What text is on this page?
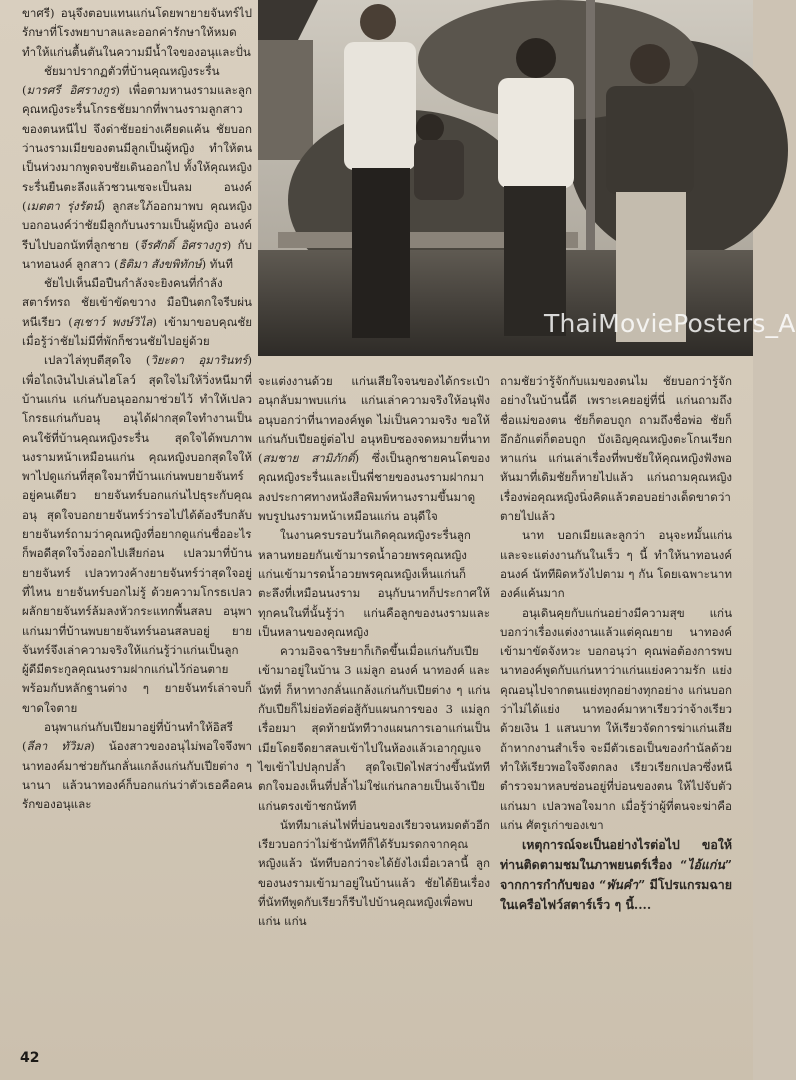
ขาศรี) อนุจึงตอบแทนแก่นโดยพายายจันทร์ไปรักษาที่โรงพยาบาลและออกค่ารักษาให้หมด ทำให้แก่นตื้นตันในความมีน้ำใจของอนุและปั่น

ชัยมาปรากฏตัวที่บ้านคุณหญิงระรื่น (มารศรี อิศรางกูร) เพื่อตามหานงรามและลูก คุณหญิงระรื่นโกรธชัยมากที่พานงรามลูกสาวของตนหนีไป จึงด่าชัยอย่างเคียดแค้น ชัยบอกว่านงรามเมียของตนมีลูกเป็นผู้หญิง ทำให้ตนเป็นห่วงมากพูดจบชัยเดินออกไป ทั้งให้คุณหญิงระรื่นยืนตะลึงแล้วชวนเซจะเป็นลม อนงค์ (เมตตา รุ่งรัตน์) ลูกสะใภ้ออกมาพบ คุณหญิงบอกอนงค์ว่าชัยมีลูกกับนงรามเป็นผู้หญิง อนงค์รีบไปบอกนัทที่ลูกชาย (จีรศักดิ์ อิศรางกูร) กับนาทอนงค์ ลูกสาว (ธิติมา สังขพิทักษ์) ทันที

ชัยไปเห็นมือปืนกำลังจะยิงคนที่กำลังสตาร์ทรถ ชัยเข้าขัดขวาง มือปืนตกใจรีบผ่นหนีเรียว (สุเชาว์ พงษ์วิไล) เข้ามาขอบคุณชัย เมื่อรู้ว่าชัยไม่มีที่พักก็ชวนชัยไปอยู่ด้วย

เปลวไล่ทุบตีสุดใจ (วิยะดา อุมารินทร์) เพื่อไถเงินไปเล่นไฮโลว์ สุดใจไม่ให้วิ่งหนีมาที่บ้านแก่น แก่นกับอนุออกมาช่วยไว้ ทำให้เปลวโกรธแก่นกับอนุ อนุได้ฝากสุดใจทำงานเป็นคนใช้ที่บ้านคุณหญิงระรื่น สุดใจได้พบภาพนงรามหน้าเหมือนแก่น คุณหญิงบอกสุดใจให้พาไปดูแก่นที่สุดใจมาที่บ้านแก่นพบยายจันทร์อยู่คนเดียว ยายจันทร์บอกแก่นไปธุระกับคุณอนุ สุดใจบอกยายจันทร์ว่ารอไปได้ต้องรีบกลับ ยายจันทร์ถามว่าคุณหญิงที่อยากดูแก่นชื่ออะไร ก็พอดีสุดใจวิ่งออกไปเสียก่อน เปลวมาที่บ้านยายจันทร์ เปลวทวงค้างยายจันทร์ว่าสุดใจอยู่ที่ไหน ยายจันทร์บอกไม่รู้ ด้วยความโกรธเปลวผลักยายจันทร์ล้มลงหัวกระแทกพื้นสลบ อนุพาแก่นมาที่บ้านพบยายจันทร์นอนสลบอยู่ ยายจันทร์จึงเล่าความจริงให้แก่นรู้ว่าแก่นเป็นลูกผู้ดีมีตระกูลคุณนงรามฝากแก่นไว้ก่อนตายพร้อมกับหลักฐานต่าง ๆ ยายจันทร์เล่าจบก็ขาดใจตาย

อนุพาแก่นกับเปียมาอยู่ที่บ้านทำให้อิสรี (ลีลา ทัวิมล) น้องสาวของอนุไม่พอใจจึงพานาทองค์มาช่วยกันกลั่นแกล้งแก่นกับเปียต่าง ๆ นานา แล้วนาทองค์ก็บอกแก่นว่าตัวเธอคือคนรักของอนุและ

ThaiMoviePosters_A

จะแต่งงานด้วย แก่นเสียใจจนของได้กระเป๋า อนุกลับมาพบแก่น แก่นเล่าความจริงให้อนุฟังอนุบอกว่าที่นาทองค์พูด ไม่เป็นความจริง ขอให้แก่นกับเปียอยู่ต่อไป อนุหยิบซองจดหมายที่นาท (สมชาย สามิภักดิ์) ซึ่งเป็นลูกชายคนโตของคุณหญิงระรื่นและเป็นพี่ชายของนงรามฝากมาลงประกาศทางหนังสือพิมพ์หานงรามขึ้นมาดู พบรูปนงรามหน้าเหมือนแก่น อนุดีใจ

ในงานครบรอบวันเกิดคุณหญิงระรื่นลูกหลานทยอยกันเข้ามารดน้ำอวยพรคุณหญิง แก่นเข้ามารดน้ำอวยพรคุณหญิงเห็นแก่นก็ตะลึงที่เหมือนนงราม อนุกับนาทก็ประกาศให้ทุกคนในที่นั้นรู้ว่า แก่นคือลูกของนงรามและเป็นหลานของคุณหญิง

ความอิจฉาริษยาก็เกิดขึ้นเมื่อแก่นกับเปียเข้ามาอยู่ในบ้าน 3 แม่ลูก อนงค์ นาทองค์ และนัทที่ ก็หาทางกลั่นแกล้งแก่นกับเปียต่าง ๆ แก่นกับเปียก็ไม่ย่อท้อต่อสู้กับแผนการของ 3 แม่ลูกเรื่อยมา สุดท้ายนัททีวางแผนการเอาแก่นเป็นเมียโดยจีดยาสลบเข้าไปในห้องแล้วเอากุญแจไขเข้าไปปลุกปล้ำ สุดใจเปิดไฟสว่างขึ้นนัททีตกใจมองเห็นที่ปล้ำไม่ใช่แก่นกลายเป็นเจ้าเปีย แก่นตรงเข้าชกนัทที

นัททีมาเล่นไฟที่บ่อนของเรียวจนหมดตัวอีก เรียวบอกว่าไม่ช้านัททีก็ได้รับมรดกจากคุณหญิงแล้ว นัททีบอกว่าจะได้ยังไงเมื่อเวลานี้ ลูกของนงรามเข้ามาอยู่ในบ้านแล้ว ชัยได้ยินเรื่องที่นัททีพูดกับเรียวก็รีบไปบ้านคุณหญิงเพื่อพบแก่น แก่น

ถามชัยว่ารู้จักกับแมของตนไม ชัยบอกว่ารู้จักอย่างในบ้านนี้ดี เพราะเคยอยู่ที่นี่ แก่นถามถึงชื่อแม่ของตน ชัยก็ตอบถูก ถามถึงชื่อพ่อ ชัยก็อึกอักแต่ก็ตอบถูก บังเอิญคุณหญิงตะโกนเรียกหาแก่น แก่นเล่าเรื่องที่พบชัยให้คุณหญิงฟังพอหันมาที่เดิมชัยก็หายไปแล้ว แก่นถามคุณหญิงเรื่องพ่อคุณหญิงนิ่งคิดแล้วตอบอย่างเด็ดขาดว่าตายไปแล้ว

นาท บอกเมียและลูกว่า อนุจะหมั้นแก่นและจะแต่งงานกันในเร็ว ๆ นี้ ทำให้นาทอนงค์ อนงค์ นัททีผิดหวังไปตาม ๆ กัน โดยเฉพาะนาทองค์แค้นมาก

อนุเดินคุยกับแก่นอย่างมีความสุข แก่นบอกว่าเรื่องแต่งงานแล้วแต่คุณยาย นาทองค์เข้ามาขัดจังหวะ บอกอนุว่า คุณพ่อต้องการพบ นาทองค์พูดกับแก่นหาว่าแก่นแย่งความรัก แย่งคุณอนุไปจากตนแย่งทุกอย่างทุกอย่าง แก่นบอกว่าไม่ได้แย่ง นาทองค์มาหาเรียวว่าจ้างเรียวด้วยเงิน 1 แสนบาท ให้เรียวจัดการฆ่าแก่นเสีย ถ้าหากงานสำเร็จ จะมีตัวเธอเป็นของกำนัลด้วย ทำให้เรียวพอใจจึงตกลง เรียวเรียกเปลวซึ่งหนีตำรวจมาหลบซ่อนอยู่ที่บ่อนของตน ให้ไปจับตัวแก่นมา เปลวพอใจมาก เมื่อรู้ว่าผู้ที่ตนจะฆ่าคือแก่น ศัตรูเก่าของเขา

เหตุการณ์จะเป็นอย่างไรต่อไป ขอให้ท่านติดตามชมในภาพยนตร์เรื่อง “ไอ้แก่น” จากการกำกับของ “พันคำ” มีโปรแกรมฉายในเครือไฟว์สตาร์เร็ว ๆ นี้....

42
